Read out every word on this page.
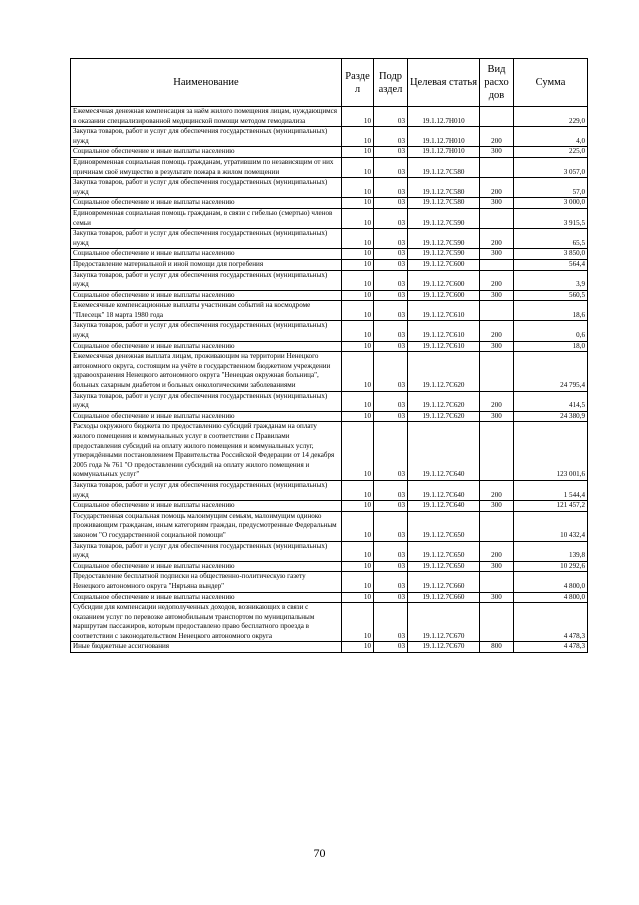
Наименование	Разде л	Подр аздел	Целевая статья	Вид расхо дов	Сумма
Ежемесячная денежная компенсация за наём жилого помещения лицам, нуждающимся в оказании специализированной медицинской помощи методом гемодиализа	10	03	19.1.12.7Н010		229,0
Закупка товаров, работ и услуг для обеспечения государственных (муниципальных) нужд	10	03	19.1.12.7Н010	200	4,0
Социальное обеспечение и иные выплаты населению	10	03	19.1.12.7Н010	300	225,0
Единовременная социальная помощь гражданам, утратившим по независящим от них причинам своё имущество в результате пожара в жилом помещении	10	03	19.1.12.7С580		3 057,0
Закупка товаров, работ и услуг для обеспечения государственных (муниципальных) нужд	10	03	19.1.12.7С580	200	57,0
Социальное обеспечение и иные выплаты населению	10	03	19.1.12.7С580	300	3 000,0
Единовременная социальная помощь гражданам, в связи с гибелью (смертью) членов семьи	10	03	19.1.12.7С590		3 915,5
Закупка товаров, работ и услуг для обеспечения государственных (муниципальных) нужд	10	03	19.1.12.7С590	200	65,5
Социальное обеспечение и иные выплаты населению	10	03	19.1.12.7С590	300	3 850,0
Предоставление материальной и иной помощи для погребения	10	03	19.1.12.7С600		564,4
Закупка товаров, работ и услуг для обеспечения государственных (муниципальных) нужд	10	03	19.1.12.7С600	200	3,9
Социальное обеспечение и иные выплаты населению	10	03	19.1.12.7С600	300	560,5
Ежемесячные компенсационные выплаты участникам событий на космодроме "Плесецк" 18 марта 1980 года	10	03	19.1.12.7С610		18,6
Закупка товаров, работ и услуг для обеспечения государственных (муниципальных) нужд	10	03	19.1.12.7С610	200	0,6
Социальное обеспечение и иные выплаты населению	10	03	19.1.12.7С610	300	18,0
Ежемесячная денежная выплата лицам, проживающим на территории Ненецкого автономного округа, состоящим на учёте в государственном бюджетном учреждении здравоохранения Ненецкого автономного округа "Ненецкая окружная больница", больных сахарным диабетом и больных онкологическими заболеваниями	10	03	19.1.12.7С620		24 795,4
Закупка товаров, работ и услуг для обеспечения государственных (муниципальных) нужд	10	03	19.1.12.7С620	200	414,5
Социальное обеспечение и иные выплаты населению	10	03	19.1.12.7С620	300	24 380,9
Расходы окружного бюджета по предоставлению субсидий гражданам на оплату жилого помещения и коммунальных услуг в соответствии с Правилами предоставления субсидий на оплату жилого помещения и коммунальных услуг, утверждёнными постановлением Правительства Российской Федерации от 14 декабря 2005 года № 761 "О предоставлении субсидий на оплату жилого помещения и коммунальных услуг"	10	03	19.1.12.7С640		123 001,6
Закупка товаров, работ и услуг для обеспечения государственных (муниципальных) нужд	10	03	19.1.12.7С640	200	1 544,4
Социальное обеспечение и иные выплаты населению	10	03	19.1.12.7С640	300	121 457,2
Государственная социальная помощь малоимущим семьям, малоимущим одиноко проживающим гражданам, иным категориям граждан, предусмотренные Федеральным законом "О государственной социальной помощи"	10	03	19.1.12.7С650		10 432,4
Закупка товаров, работ и услуг для обеспечения государственных (муниципальных) нужд	10	03	19.1.12.7С650	200	139,8
Социальное обеспечение и иные выплаты населению	10	03	19.1.12.7С650	300	10 292,6
Предоставление бесплатной подписки на общественно-политическую газету Ненецкого автономного округа "Няръяна вындер"	10	03	19.1.12.7С660		4 800,0
Социальное обеспечение и иные выплаты населению	10	03	19.1.12.7С660	300	4 800,0
Субсидии для компенсации недополученных доходов, возникающих в связи с оказанием услуг по перевозке автомобильным транспортом по муниципальным маршрутам пассажиров, которым предоставлено право бесплатного проезда в соответствии с законодательством Ненецкого автономного округа	10	03	19.1.12.7С670		4 478,3
Иные бюджетные ассигнования	10	03	19.1.12.7С670	800	4 478,3
70
